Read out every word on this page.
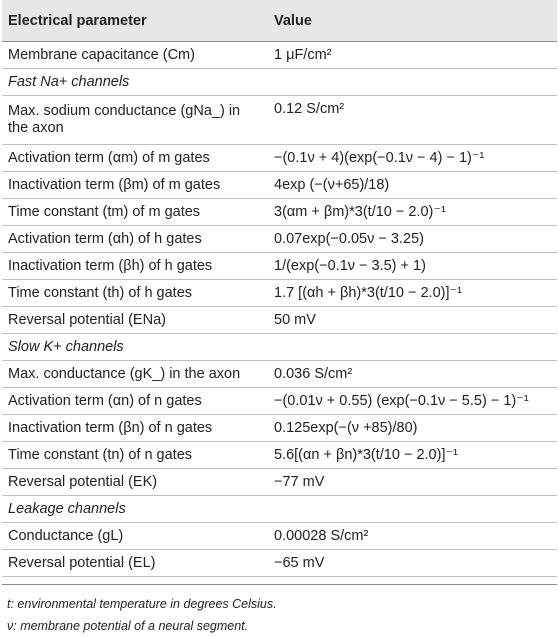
Electrical parameter	Value
Membrane capacitance (Cm)	1 μF/cm²
Fast Na+ channels	
Max. sodium conductance (gNa_) in the axon	0.12 S/cm²
Activation term (αm) of m gates	−(0.1ν + 4)(exp(−0.1ν − 4) − 1)⁻¹
Inactivation term (βm) of m gates	4exp (−(ν+65)/18)
Time constant (tm) of m gates	3(αm + βm)*3(t/10 − 2.0)⁻¹
Activation term (αh) of h gates	0.07exp(−0.05ν − 3.25)
Inactivation term (βh) of h gates	1/(exp(−0.1ν − 3.5) + 1)
Time constant (th) of h gates	1.7 [(αh + βh)*3(t/10 − 2.0)]⁻¹
Reversal potential (ENa)	50 mV
Slow K+ channels	
Max. conductance (gK_) in the axon	0.036 S/cm²
Activation term (αn) of n gates	−(0.01ν + 0.55) (exp(−0.1ν − 5.5) − 1)⁻¹
Inactivation term (βn) of n gates	0.125exp(−(ν +85)/80)
Time constant (tn) of n gates	5.6[(αn + βn)*3(t/10 − 2.0)]⁻¹
Reversal potential (EK)	−77 mV
Leakage channels	
Conductance (gL)	0.00028 S/cm²
Reversal potential (EL)	−65 mV

t: environmental temperature in degrees Celsius.
ν: membrane potential of a neural segment.
